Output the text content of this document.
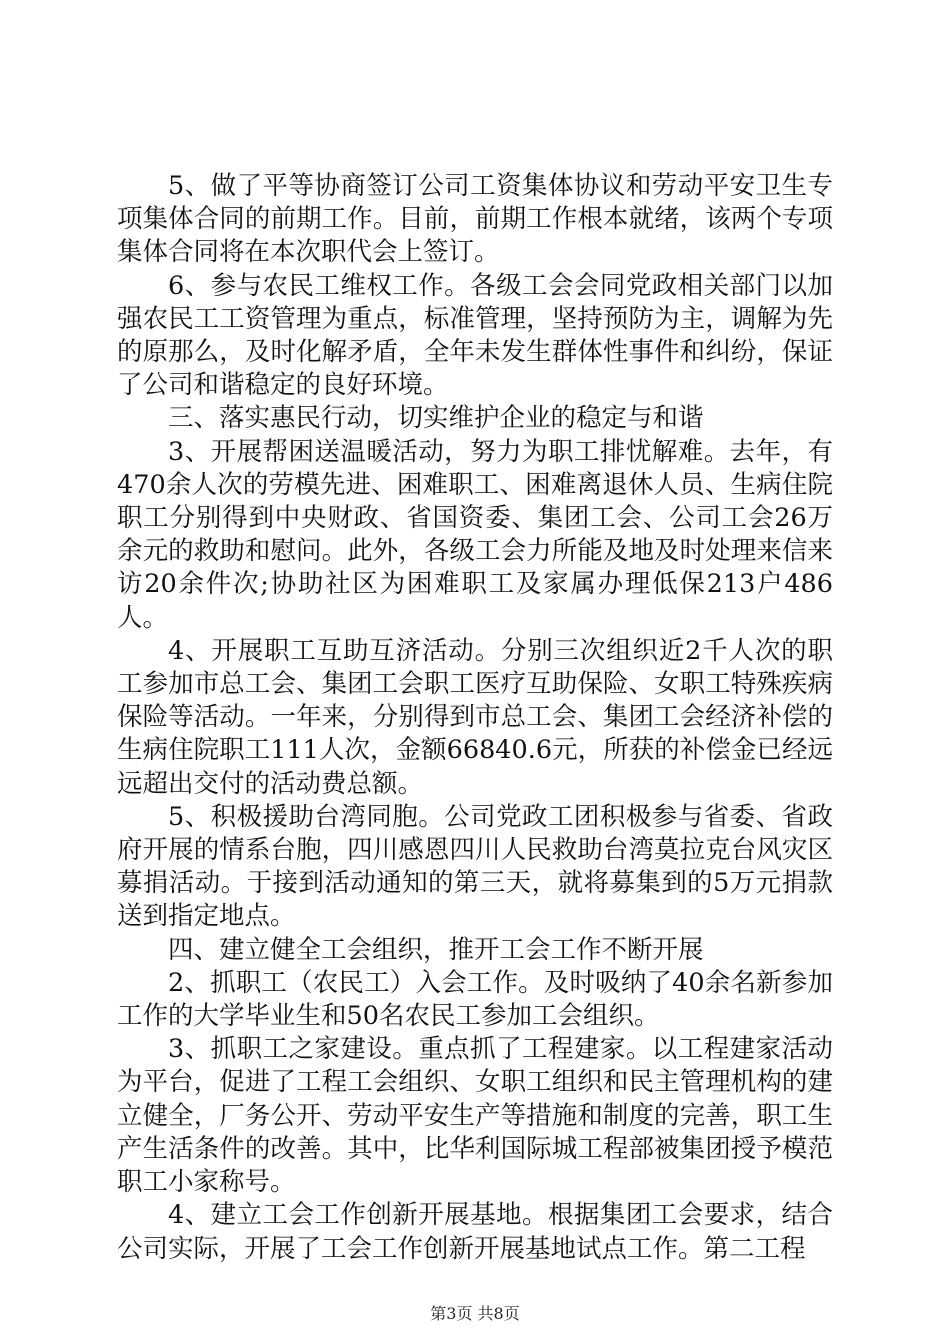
5、做了平等协商签订公司工资集体协议和劳动平安卫生专项集体合同的前期工作。目前，前期工作根本就绪，该两个专项集体合同将在本次职代会上签订。

6、参与农民工维权工作。各级工会会同党政相关部门以加强农民工工资管理为重点，标准管理，坚持预防为主，调解为先的原那么，及时化解矛盾，全年未发生群体性事件和纠纷，保证了公司和谐稳定的良好环境。

三、落实惠民行动，切实维护企业的稳定与和谐

3、开展帮困送温暖活动，努力为职工排忧解难。去年，有470余人次的劳模先进、困难职工、困难离退休人员、生病住院职工分别得到中央财政、省国资委、集团工会、公司工会26万余元的救助和慰问。此外，各级工会力所能及地及时处理来信来访20余件次;协助社区为困难职工及家属办理低保213户486人。

4、开展职工互助互济活动。分别三次组织近2千人次的职工参加市总工会、集团工会职工医疗互助保险、女职工特殊疾病保险等活动。一年来，分别得到市总工会、集团工会经济补偿的生病住院职工111人次，金额66840.6元，所获的补偿金已经远远超出交付的活动费总额。

5、积极援助台湾同胞。公司党政工团积极参与省委、省政府开展的情系台胞，四川感恩四川人民救助台湾莫拉克台风灾区募捐活动。于接到活动通知的第三天，就将募集到的5万元捐款送到指定地点。

四、建立健全工会组织，推开工会工作不断开展

2、抓职工（农民工）入会工作。及时吸纳了40余名新参加工作的大学毕业生和50名农民工参加工会组织。

3、抓职工之家建设。重点抓了工程建家。以工程建家活动为平台，促进了工程工会组织、女职工组织和民主管理机构的建立健全，厂务公开、劳动平安生产等措施和制度的完善，职工生产生活条件的改善。其中，比华利国际城工程部被集团授予模范职工小家称号。

4、建立工会工作创新开展基地。根据集团工会要求，结合公司实际，开展了工会工作创新开展基地试点工作。第二工程

第3页 共8页
